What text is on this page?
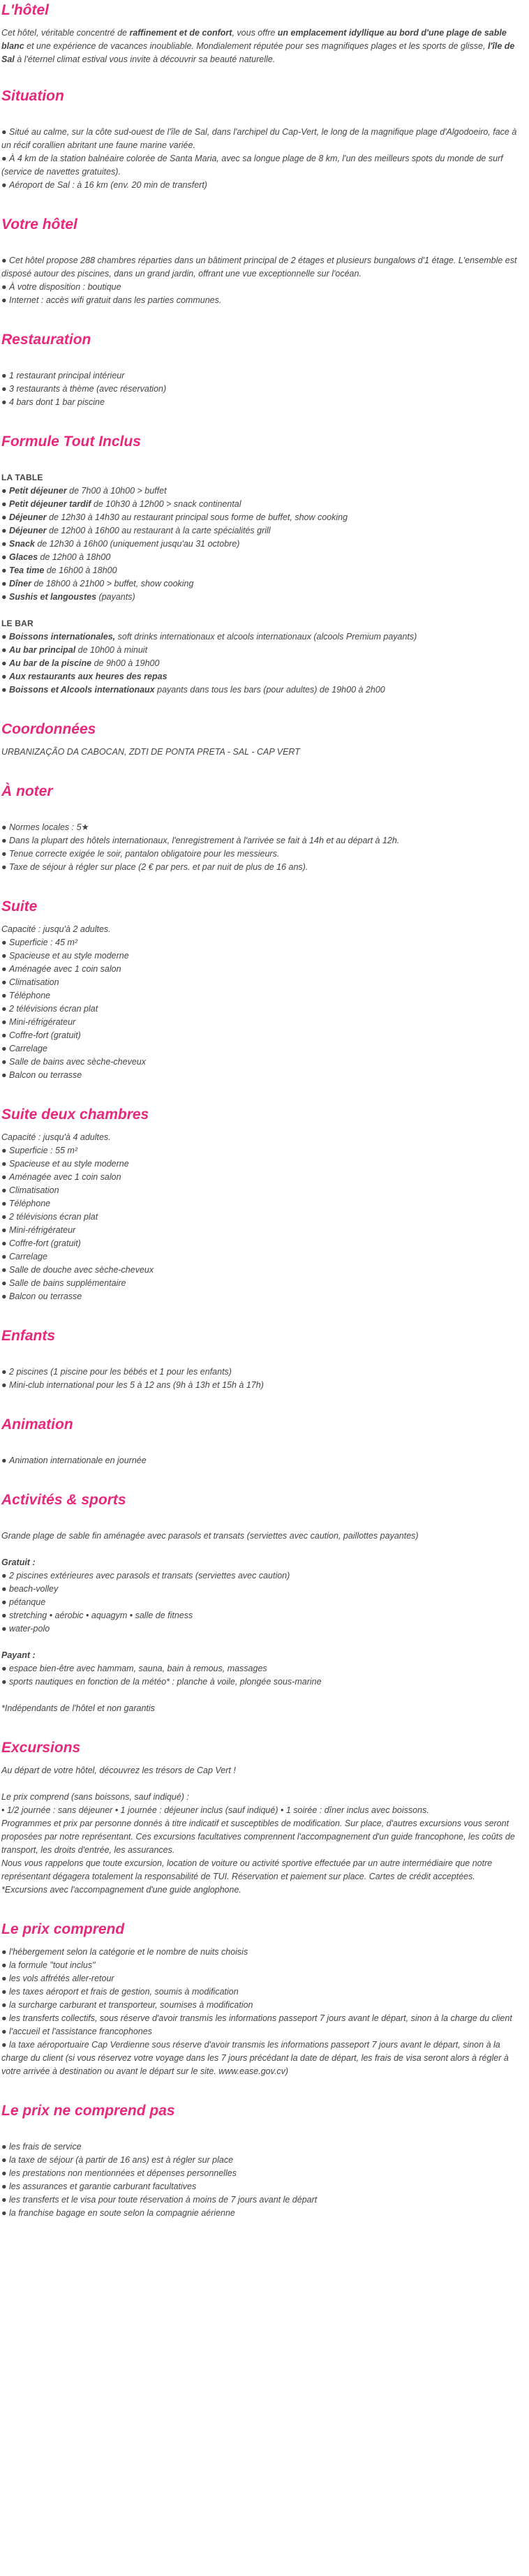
L'hôtel
Cet hôtel, véritable concentré de raffinement et de confort, vous offre un emplacement idyllique au bord d'une plage de sable blanc et une expérience de vacances inoubliable. Mondialement réputée pour ses magnifiques plages et les sports de glisse, l'île de Sal à l'éternel climat estival vous invite à découvrir sa beauté naturelle.
Situation

● Situé au calme, sur la côte sud-ouest de l'île de Sal, dans l'archipel du Cap-Vert, le long de la magnifique plage d'Algodoeiro, face à un récif corallien abritant une faune marine variée.

● À 4 km de la station balnéaire colorée de Santa Maria, avec sa longue plage de 8 km, l'un des meilleurs spots du monde de surf (service de navettes gratuites).

● Aéroport de Sal : à 16 km (env. 20 min de transfert)

Votre hôtel

● Cet hôtel propose 288 chambres réparties dans un bâtiment principal de 2 étages et plusieurs bungalows d'1 étage. L'ensemble est disposé autour des piscines, dans un grand jardin, offrant une vue exceptionnelle sur l'océan.

● À votre disposition : boutique

● Internet : accès wifi gratuit dans les parties communes.

Restauration

● 1 restaurant principal intérieur

● 3 restaurants à thème (avec réservation)

● 4 bars dont 1 bar piscine

Formule Tout Inclus

LA TABLE

● Petit déjeuner de 7h00 à 10h00 > buffet

● Petit déjeuner tardif de 10h30 à 12h00 > snack continental

● Déjeuner de 12h30 à 14h30 au restaurant principal sous forme de buffet, show cooking

● Déjeuner de 12h00 à 16h00 au restaurant à la carte spécialités grill

● Snack de 12h30 à 16h00 (uniquement jusqu'au 31 octobre)

● Glaces de 12h00 à 18h00

● Tea time de 16h00 à 18h00

● Dîner de 18h00 à 21h00 > buffet, show cooking

● Sushis et langoustes (payants)

LE BAR

● Boissons internationales, soft drinks internationaux et alcools internationaux (alcools Premium payants)

● Au bar principal de 10h00 à minuit

● Au bar de la piscine de 9h00 à 19h00

● Aux restaurants aux heures des repas

● Boissons et Alcools internationaux payants dans tous les bars (pour adultes) de 19h00 à 2h00

Coordonnées

URBANIZAÇÃO DA CABOCAN, ZDTI DE PONTA PRETA - SAL - CAP VERT

À noter

● Normes locales : 5★

● Dans la plupart des hôtels internationaux, l'enregistrement à l'arrivée se fait à 14h et au départ à 12h.

● Tenue correcte exigée le soir, pantalon obligatoire pour les messieurs.

● Taxe de séjour à régler sur place (2 € par pers. et par nuit de plus de 16 ans).

Suite

Capacité : jusqu'à 2 adultes.

● Superficie : 45 m²

● Spacieuse et au style moderne

● Aménagée avec 1 coin salon

● Climatisation

● Téléphone

● 2 télévisions écran plat

● Mini-réfrigérateur

● Coffre-fort (gratuit)

● Carrelage

● Salle de bains avec sèche-cheveux

● Balcon ou terrasse

Suite deux chambres

Capacité : jusqu'à 4 adultes.

● Superficie : 55 m²

● Spacieuse et au style moderne

● Aménagée avec 1 coin salon

● Climatisation

● Téléphone

● 2 télévisions écran plat

● Mini-réfrigérateur

● Coffre-fort (gratuit)

● Carrelage

● Salle de douche avec sèche-cheveux

● Salle de bains supplémentaire

● Balcon ou terrasse

Enfants

● 2 piscines (1 piscine pour les bébés et 1 pour les enfants)

● Mini-club international pour les 5 à 12 ans (9h à 13h et 15h à 17h)

Animation

● Animation internationale en journée

Activités & sports

Grande plage de sable fin aménagée avec parasols et transats (serviettes avec caution, paillottes payantes)

Gratuit :

● 2 piscines extérieures avec parasols et transats (serviettes avec caution)

● beach-volley

● pétanque

● stretching • aérobic • aquagym • salle de fitness

● water-polo

Payant :

● espace bien-être avec hammam, sauna, bain à remous, massages

● sports nautiques en fonction de la météo* : planche à voile, plongée sous-marine

*Indépendants de l'hôtel et non garantis

Excursions

Au départ de votre hôtel, découvrez les trésors de Cap Vert !

Le prix comprend (sans boissons, sauf indiqué) :

• 1/2 journée : sans déjeuner • 1 journée : déjeuner inclus (sauf indiqué) • 1 soirée : dîner inclus avec boissons.

Programmes et prix par personne donnés à titre indicatif et susceptibles de modification. Sur place, d'autres excursions vous seront proposées par notre représentant. Ces excursions facultatives comprennent l'accompagnement d'un guide francophone, les coûts de transport, les droits d'entrée, les assurances.

Nous vous rappelons que toute excursion, location de voiture ou activité sportive effectuée par un autre intermédiaire que notre représentant dégagera totalement la responsabilité de TUI. Réservation et paiement sur place. Cartes de crédit acceptées.

*Excursions avec l'accompagnement d'une guide anglophone.

Le prix comprend

● l'hébergement selon la catégorie et le nombre de nuits choisis

● la formule "tout inclus"

● les vols affrétés aller-retour

● les taxes aéroport et frais de gestion, soumis à modification

● la surcharge carburant et transporteur, soumises à modification

● les transferts collectifs, sous réserve d'avoir transmis les informations passeport 7 jours avant le départ, sinon à la charge du client

● l'accueil et l'assistance francophones

● la taxe aéroportuaire Cap Verdienne sous réserve d'avoir transmis les informations passeport 7 jours avant le départ, sinon à la charge du client (si vous réservez votre voyage dans les 7 jours précédant la date de départ, les frais de visa seront alors à régler à votre arrivée à destination ou avant le départ sur le site. www.ease.gov.cv)

Le prix ne comprend pas

● les frais de service

● la taxe de séjour (à partir de 16 ans) est à régler sur place

● les prestations non mentionnées et dépenses personnelles

● les assurances et garantie carburant facultatives

● les transferts et le visa pour toute réservation à moins de 7 jours avant le départ

● la franchise bagage en soute selon la compagnie aérienne
